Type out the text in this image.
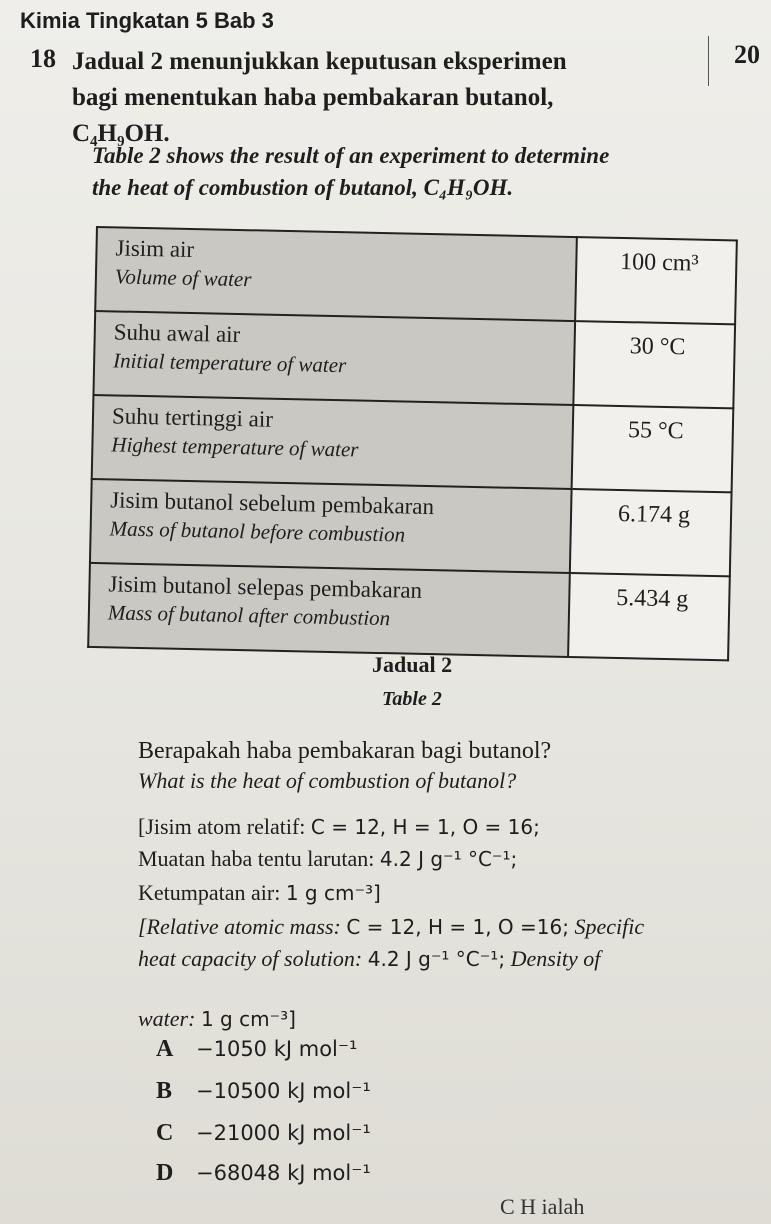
Kimia Tingkatan 5 Bab 3
18	20
Jadual 2 menunjukkan keputusan eksperimen
bagi menentukan haba pembakaran butanol,
C₄H₉OH.
Table 2 shows the result of an experiment to determine
the heat of combustion of butanol, C₄H₉OH.
Jisim air
Volume of water	100 cm³

Suhu awal air
Initial temperature of water	30 °C

Suhu tertinggi air
Highest temperature of water	55 °C

Jisim butanol sebelum pembakaran
Mass of butanol before combustion	6.174 g

Jisim butanol selepas pembakaran
Mass of butanol after combustion	5.434 g
Jadual 2
Table 2
Berapakah haba pembakaran bagi butanol?
What is the heat of combustion of butanol?
[Jisim atom relatif: C = 12, H = 1, O = 16;
Muatan haba tentu larutan: 4.2 J g⁻¹ °C⁻¹;
Ketumpatan air: 1 g cm⁻³]
[Relative atomic mass: C = 12, H = 1, O =16; Specific
heat capacity of solution: 4.2 J g⁻¹ °C⁻¹; Density of
water: 1 g cm⁻³]
A −1050 kJ mol⁻¹
B −10500 kJ mol⁻¹
C −21000 kJ mol⁻¹
D −68048 kJ mol⁻¹
C H ialah
